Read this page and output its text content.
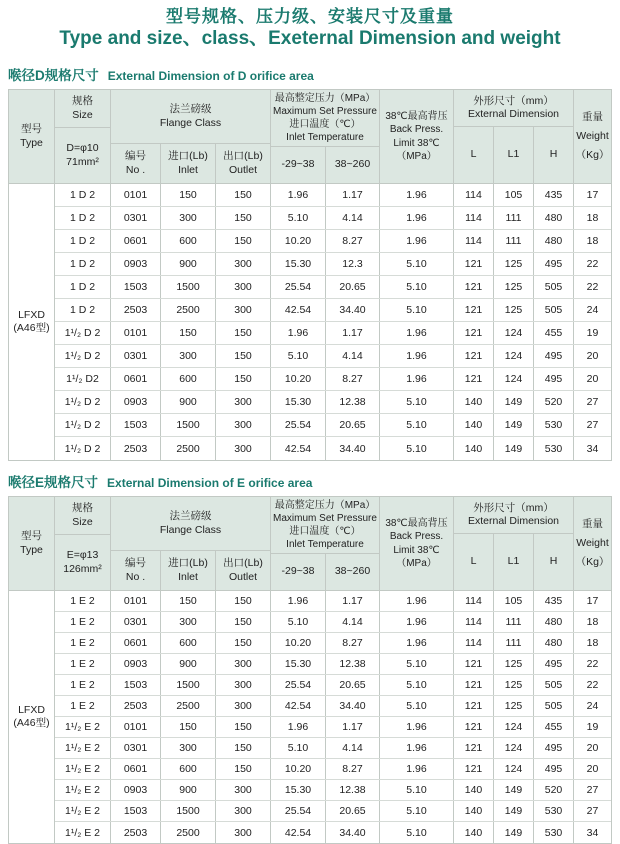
型号规格、压力级、安装尺寸及重量
Type and size、class、Exeternal Dimension and weight
喉径D规格尺寸 External Dimension of D orifice area
型号
Type
规格
Size
D=φ10
71mm²
法兰磅级
Flange Class
编号
No .
进口(Lb)
Inlet
出口(Lb)
Outlet
最高整定压力（MPa）
Maximum Set Pressure
进口温度（℃）
Inlet Temperature
-29~38	38~260
38℃最高背压
Back Press.
Limit 38℃
（MPa）
外形尺寸（mm）
External Dimension
L	L1	H
重量
Weight
（Kg）
LFXD
(A46型)
1 D 2	0101	150	150	1.96	1.17	1.96	114	105	435	17
1 D 2	0301	300	150	5.10	4.14	1.96	114	111	480	18
1 D 2	0601	600	150	10.20	8.27	1.96	114	111	480	18
1 D 2	0903	900	300	15.30	12.3	5.10	121	125	495	22
1 D 2	1503	1500	300	25.54	20.65	5.10	121	125	505	22
1 D 2	2503	2500	300	42.54	34.40	5.10	121	125	505	24
1¹/₂ D 2	0101	150	150	1.96	1.17	1.96	121	124	455	19
1¹/₂ D 2	0301	300	150	5.10	4.14	1.96	121	124	495	20
1¹/₂ D2	0601	600	150	10.20	8.27	1.96	121	124	495	20
1¹/₂ D 2	0903	900	300	15.30	12.38	5.10	140	149	520	27
1¹/₂ D 2	1503	1500	300	25.54	20.65	5.10	140	149	530	27
1¹/₂ D 2	2503	2500	300	42.54	34.40	5.10	140	149	530	34
喉径E规格尺寸 External Dimension of E orifice area
型号
Type
规格
Size
E=φ13
126mm²
法兰磅级
Flange Class
编号
No .
进口(Lb)
Inlet
出口(Lb)
Outlet
最高整定压力（MPa）
Maximum Set Pressure
进口温度（℃）
Inlet Temperature
-29~38	38~260
38℃最高背压
Back Press.
Limit 38℃
（MPa）
外形尺寸（mm）
External Dimension
L	L1	H
重量
Weight
（Kg）
LFXD
(A46型)
1 E 2	0101	150	150	1.96	1.17	1.96	114	105	435	17
1 E 2	0301	300	150	5.10	4.14	1.96	114	111	480	18
1 E 2	0601	600	150	10.20	8.27	1.96	114	111	480	18
1 E 2	0903	900	300	15.30	12.38	5.10	121	125	495	22
1 E 2	1503	1500	300	25.54	20.65	5.10	121	125	505	22
1 E 2	2503	2500	300	42.54	34.40	5.10	121	125	505	24
1¹/₂ E 2	0101	150	150	1.96	1.17	1.96	121	124	455	19
1¹/₂ E 2	0301	300	150	5.10	4.14	1.96	121	124	495	20
1¹/₂ E 2	0601	600	150	10.20	8.27	1.96	121	124	495	20
1¹/₂ E 2	0903	900	300	15.30	12.38	5.10	140	149	520	27
1¹/₂ E 2	1503	1500	300	25.54	20.65	5.10	140	149	530	27
1¹/₂ E 2	2503	2500	300	42.54	34.40	5.10	140	149	530	34
